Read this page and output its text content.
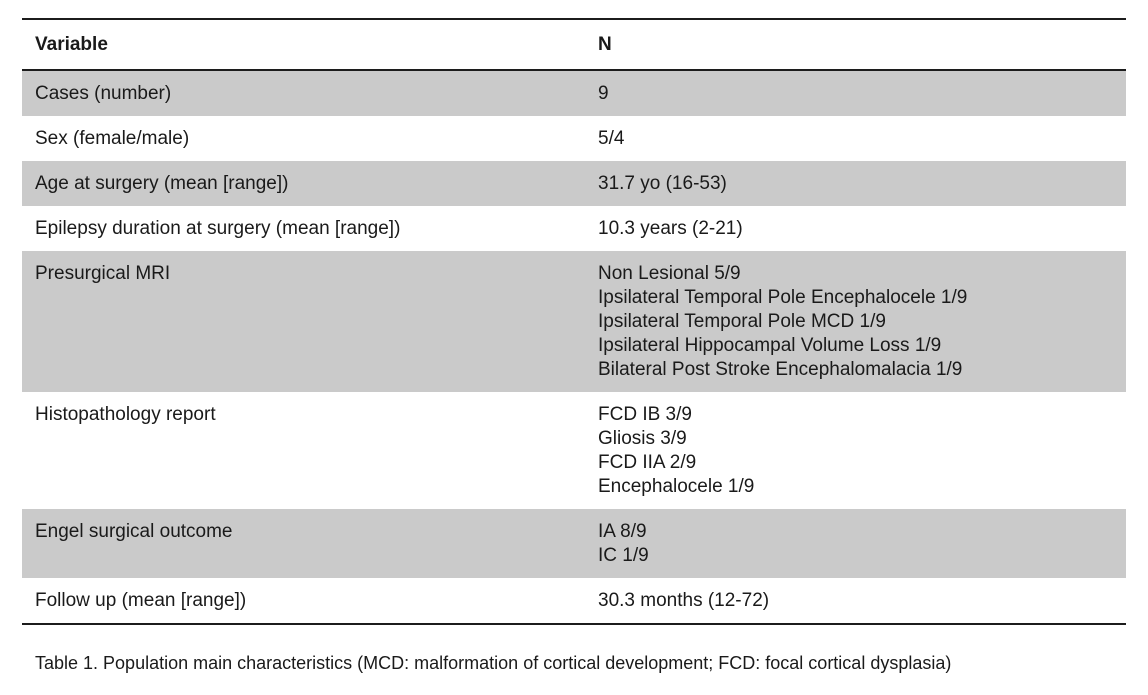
Variable	N
Cases (number)	9
Sex (female/male)	5/4
Age at surgery (mean [range])	31.7 yo (16-53)
Epilepsy duration at surgery (mean [range])	10.3 years (2-21)
Presurgical MRI	Non Lesional 5/9
Ipsilateral Temporal Pole Encephalocele 1/9
Ipsilateral Temporal Pole MCD 1/9
Ipsilateral Hippocampal Volume Loss 1/9
Bilateral Post Stroke Encephalomalacia 1/9
Histopathology report	FCD IB 3/9
Gliosis 3/9
FCD IIA 2/9
Encephalocele 1/9
Engel surgical outcome	IA 8/9
IC 1/9
Follow up (mean [range])	30.3 months (12-72)
Table 1. Population main characteristics (MCD: malformation of cortical development; FCD: focal cortical dysplasia)
